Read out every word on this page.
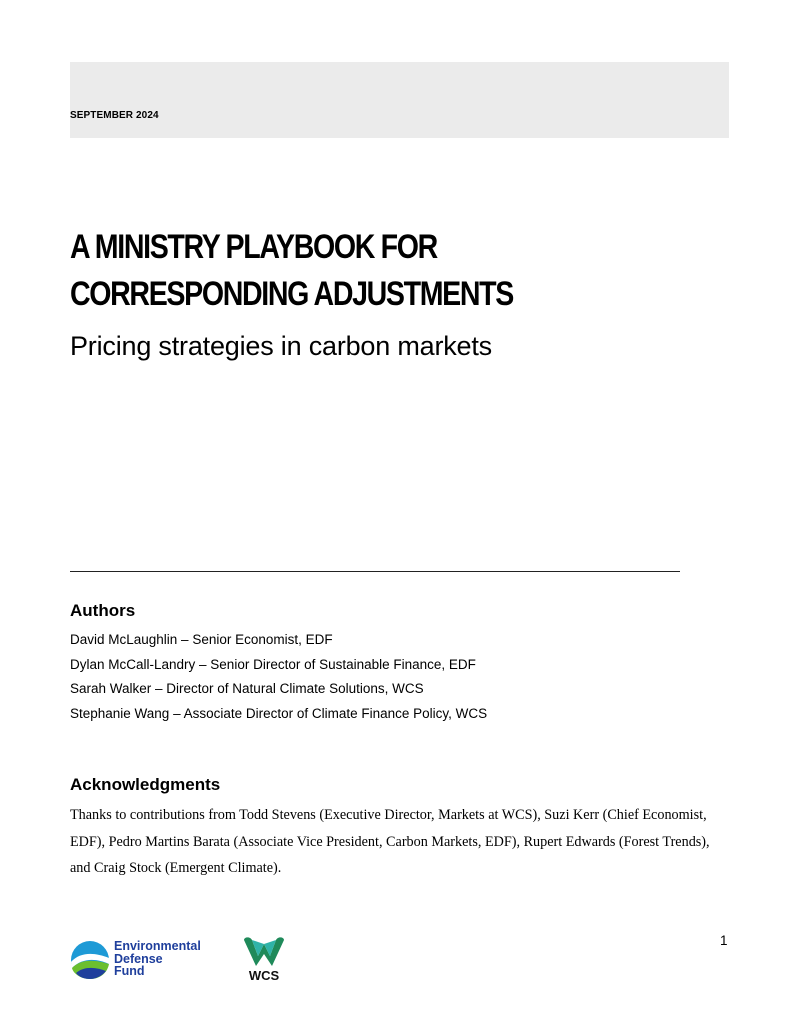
SEPTEMBER 2024
A MINISTRY PLAYBOOK FOR
CORRESPONDING ADJUSTMENTS
Pricing strategies in carbon markets
Authors
David McLaughlin – Senior Economist, EDF
Dylan McCall-Landry – Senior Director of Sustainable Finance, EDF
Sarah Walker – Director of Natural Climate Solutions, WCS
Stephanie Wang – Associate Director of Climate Finance Policy, WCS
Acknowledgments

Thanks to contributions from Todd Stevens (Executive Director, Markets at WCS), Suzi Kerr (Chief Economist, EDF), Pedro Martins Barata (Associate Vice President, Carbon Markets, EDF), Rupert Edwards (Forest Trends), and Craig Stock (Emergent Climate).

Environmental
Defense
Fund	WCS
1
